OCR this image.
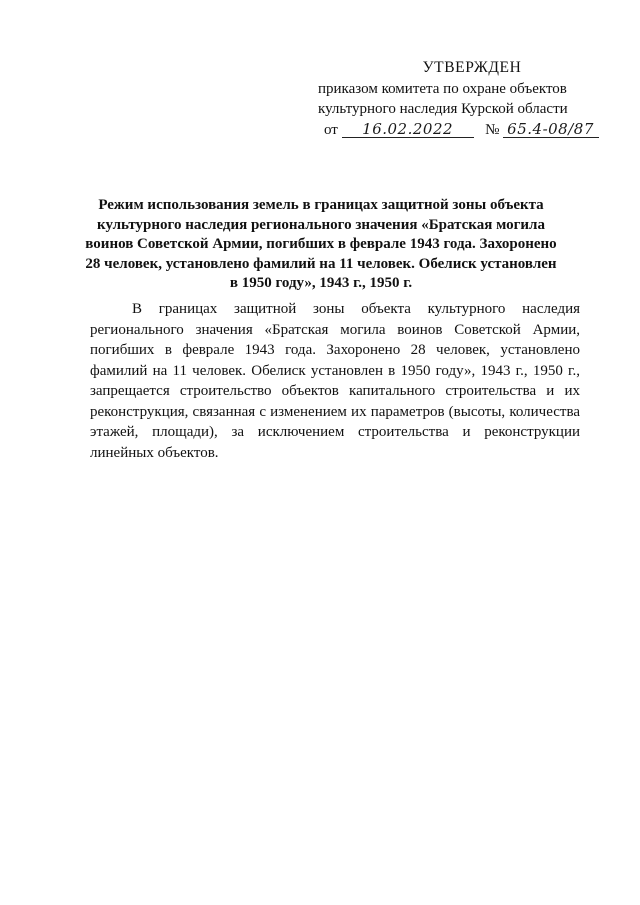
УТВЕРЖДЕН
приказом комитета по охране объектов
культурного наследия Курской области
от 16.02.2022 № 65.4-08/87
Режим использования земель в границах защитной зоны объекта культурного наследия регионального значения «Братская могила воинов Советской Армии, погибших в феврале 1943 года. Захоронено 28 человек, установлено фамилий на 11 человек. Обелиск установлен в 1950 году», 1943 г., 1950 г.

В границах защитной зоны объекта культурного наследия регионального значения «Братская могила воинов Советской Армии, погибших в феврале 1943 года. Захоронено 28 человек, установлено фамилий на 11 человек. Обелиск установлен в 1950 году», 1943 г., 1950 г., запрещается строительство объектов капитального строительства и их реконструкция, связанная с изменением их параметров (высоты, количества этажей, площади), за исключением строительства и реконструкции линейных объектов.
